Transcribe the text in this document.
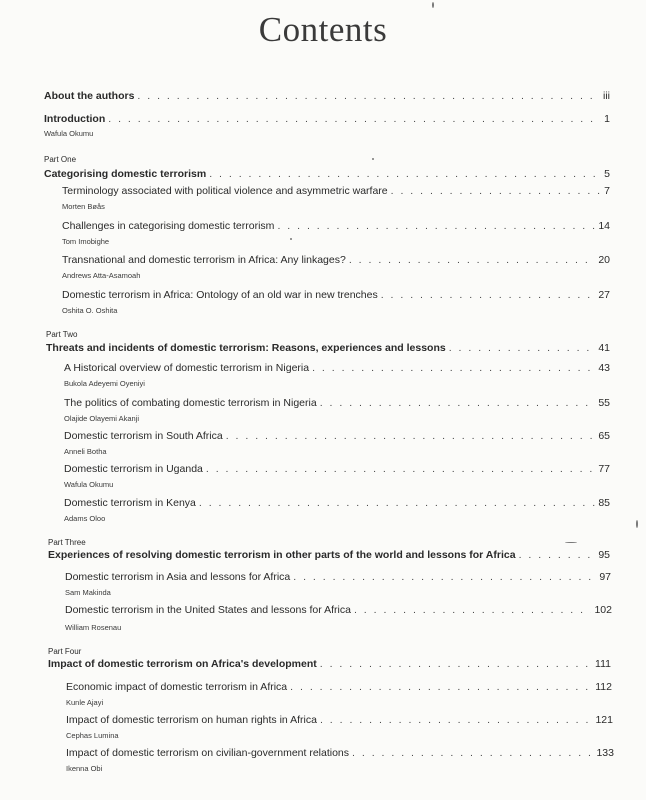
Contents
About the authors . . .	iii
Introduction . . .	1
Wafula Okumu
Part One
Categorising domestic terrorism . . .	5
Terminology associated with political violence and asymmetric warfare . . .	7
Morten Bøås
Challenges in categorising domestic terrorism . . .	14
Tom Imobighe
Transnational and domestic terrorism in Africa: Any linkages? . . .	20
Andrews Atta-Asamoah
Domestic terrorism in Africa: Ontology of an old war in new trenches . . .	27
Oshita O. Oshita
Part Two
Threats and incidents of domestic terrorism: Reasons, experiences and lessons . . .	41
A Historical overview of domestic terrorism in Nigeria . . .	43
Bukola Adeyemi Oyeniyi
The politics of combating domestic terrorism in Nigeria . . .	55
Olajide Olayemi Akanji
Domestic terrorism in South Africa . . .	65
Anneli Botha
Domestic terrorism in Uganda . . .	77
Wafula Okumu
Domestic terrorism in Kenya . . .	85
Adams Oloo
Part Three
Experiences of resolving domestic terrorism in other parts of the world and lessons for Africa . . .	95
Domestic terrorism in Asia and lessons for Africa . . .	97
Sam Makinda
Domestic terrorism in the United States and lessons for Africa . . .	102
William Rosenau
Part Four
Impact of domestic terrorism on Africa's development . . .	111
Economic impact of domestic terrorism in Africa . . .	112
Kunle Ajayi
Impact of domestic terrorism on human rights in Africa . . .	121
Cephas Lumina
Impact of domestic terrorism on civilian-government relations . . .	133
Ikenna Obi
